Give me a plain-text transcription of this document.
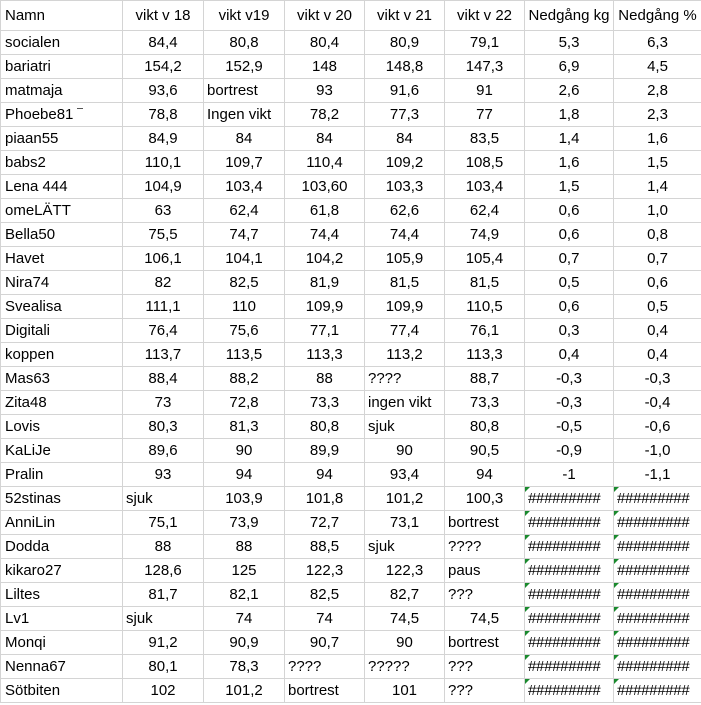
Namn	vikt v 18	vikt v19	vikt v 20	vikt v 21	vikt v 22	Nedgång kg	Nedgång %
socialen	84,4	80,8	80,4	80,9	79,1	5,3	6,3
bariatri	154,2	152,9	148	148,8	147,3	6,9	4,5
matmaja	93,6	bortrest	93	91,6	91	2,6	2,8
Phoebe81	78,8	Ingen vikt	78,2	77,3	77	1,8	2,3
piaan55	84,9	84	84	84	83,5	1,4	1,6
babs2	110,1	109,7	110,4	109,2	108,5	1,6	1,5
Lena 444	104,9	103,4	103,60	103,3	103,4	1,5	1,4
omeLÄTT	63	62,4	61,8	62,6	62,4	0,6	1,0
Bella50	75,5	74,7	74,4	74,4	74,9	0,6	0,8
Havet	106,1	104,1	104,2	105,9	105,4	0,7	0,7
Nira74	82	82,5	81,9	81,5	81,5	0,5	0,6
Svealisa	111,1	110	109,9	109,9	110,5	0,6	0,5
Digitali	76,4	75,6	77,1	77,4	76,1	0,3	0,4
koppen	113,7	113,5	113,3	113,2	113,3	0,4	0,4
Mas63	88,4	88,2	88	????	88,7	-0,3	-0,3
Zita48	73	72,8	73,3	ingen vikt	73,3	-0,3	-0,4
Lovis	80,3	81,3	80,8	sjuk	80,8	-0,5	-0,6
KaLiJe	89,6	90	89,9	90	90,5	-0,9	-1,0
Pralin	93	94	94	93,4	94	-1	-1,1
52stinas	sjuk	103,9	101,8	101,2	100,3	#########	#########
AnniLin	75,1	73,9	72,7	73,1	bortrest	#########	#########
Dodda	88	88	88,5	sjuk	????	#########	#########
kikaro27	128,6	125	122,3	122,3	paus	#########	#########
Liltes	81,7	82,1	82,5	82,7	???	#########	#########
Lv1	sjuk	74	74	74,5	74,5	#########	#########
Monqi	91,2	90,9	90,7	90	bortrest	#########	#########
Nenna67	80,1	78,3	????	?????	???	#########	#########
Sötbiten	102	101,2	bortrest	101	???	#########	#########
